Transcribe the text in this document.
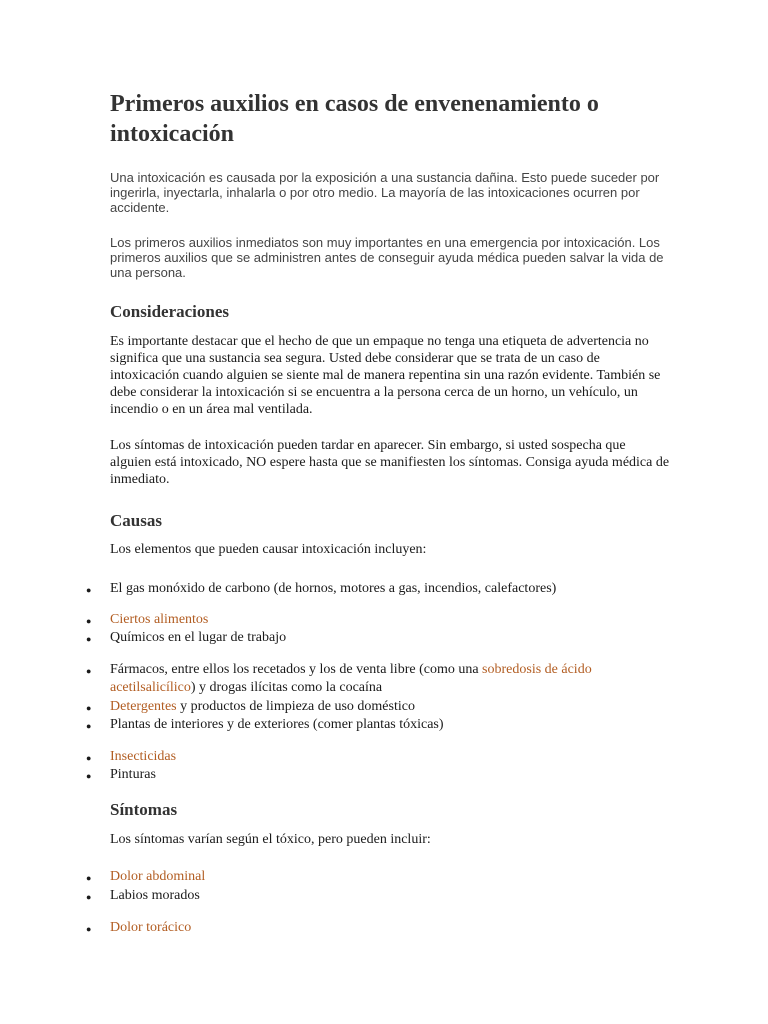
Primeros auxilios en casos de envenenamiento o intoxicación
Una intoxicación es causada por la exposición a una sustancia dañina. Esto puede suceder por ingerirla, inyectarla, inhalarla o por otro medio. La mayoría de las intoxicaciones ocurren por accidente.
Los primeros auxilios inmediatos son muy importantes en una emergencia por intoxicación. Los primeros auxilios que se administren antes de conseguir ayuda médica pueden salvar la vida de una persona.
Consideraciones
Es importante destacar que el hecho de que un empaque no tenga una etiqueta de advertencia no significa que una sustancia sea segura. Usted debe considerar que se trata de un caso de intoxicación cuando alguien se siente mal de manera repentina sin una razón evidente. También se debe considerar la intoxicación si se encuentra a la persona cerca de un horno, un vehículo, un incendio o en un área mal ventilada.
Los síntomas de intoxicación pueden tardar en aparecer. Sin embargo, si usted sospecha que alguien está intoxicado, NO espere hasta que se manifiesten los síntomas. Consiga ayuda médica de inmediato.
Causas
Los elementos que pueden causar intoxicación incluyen:
● El gas monóxido de carbono (de hornos, motores a gas, incendios, calefactores)
● Ciertos alimentos
● Químicos en el lugar de trabajo
● Fármacos, entre ellos los recetados y los de venta libre (como una sobredosis de ácido acetilsalicílico) y drogas ilícitas como la cocaína
● Detergentes y productos de limpieza de uso doméstico
● Plantas de interiores y de exteriores (comer plantas tóxicas)
● Insecticidas
● Pinturas
Síntomas
Los síntomas varían según el tóxico, pero pueden incluir:
● Dolor abdominal
● Labios morados
● Dolor torácico
